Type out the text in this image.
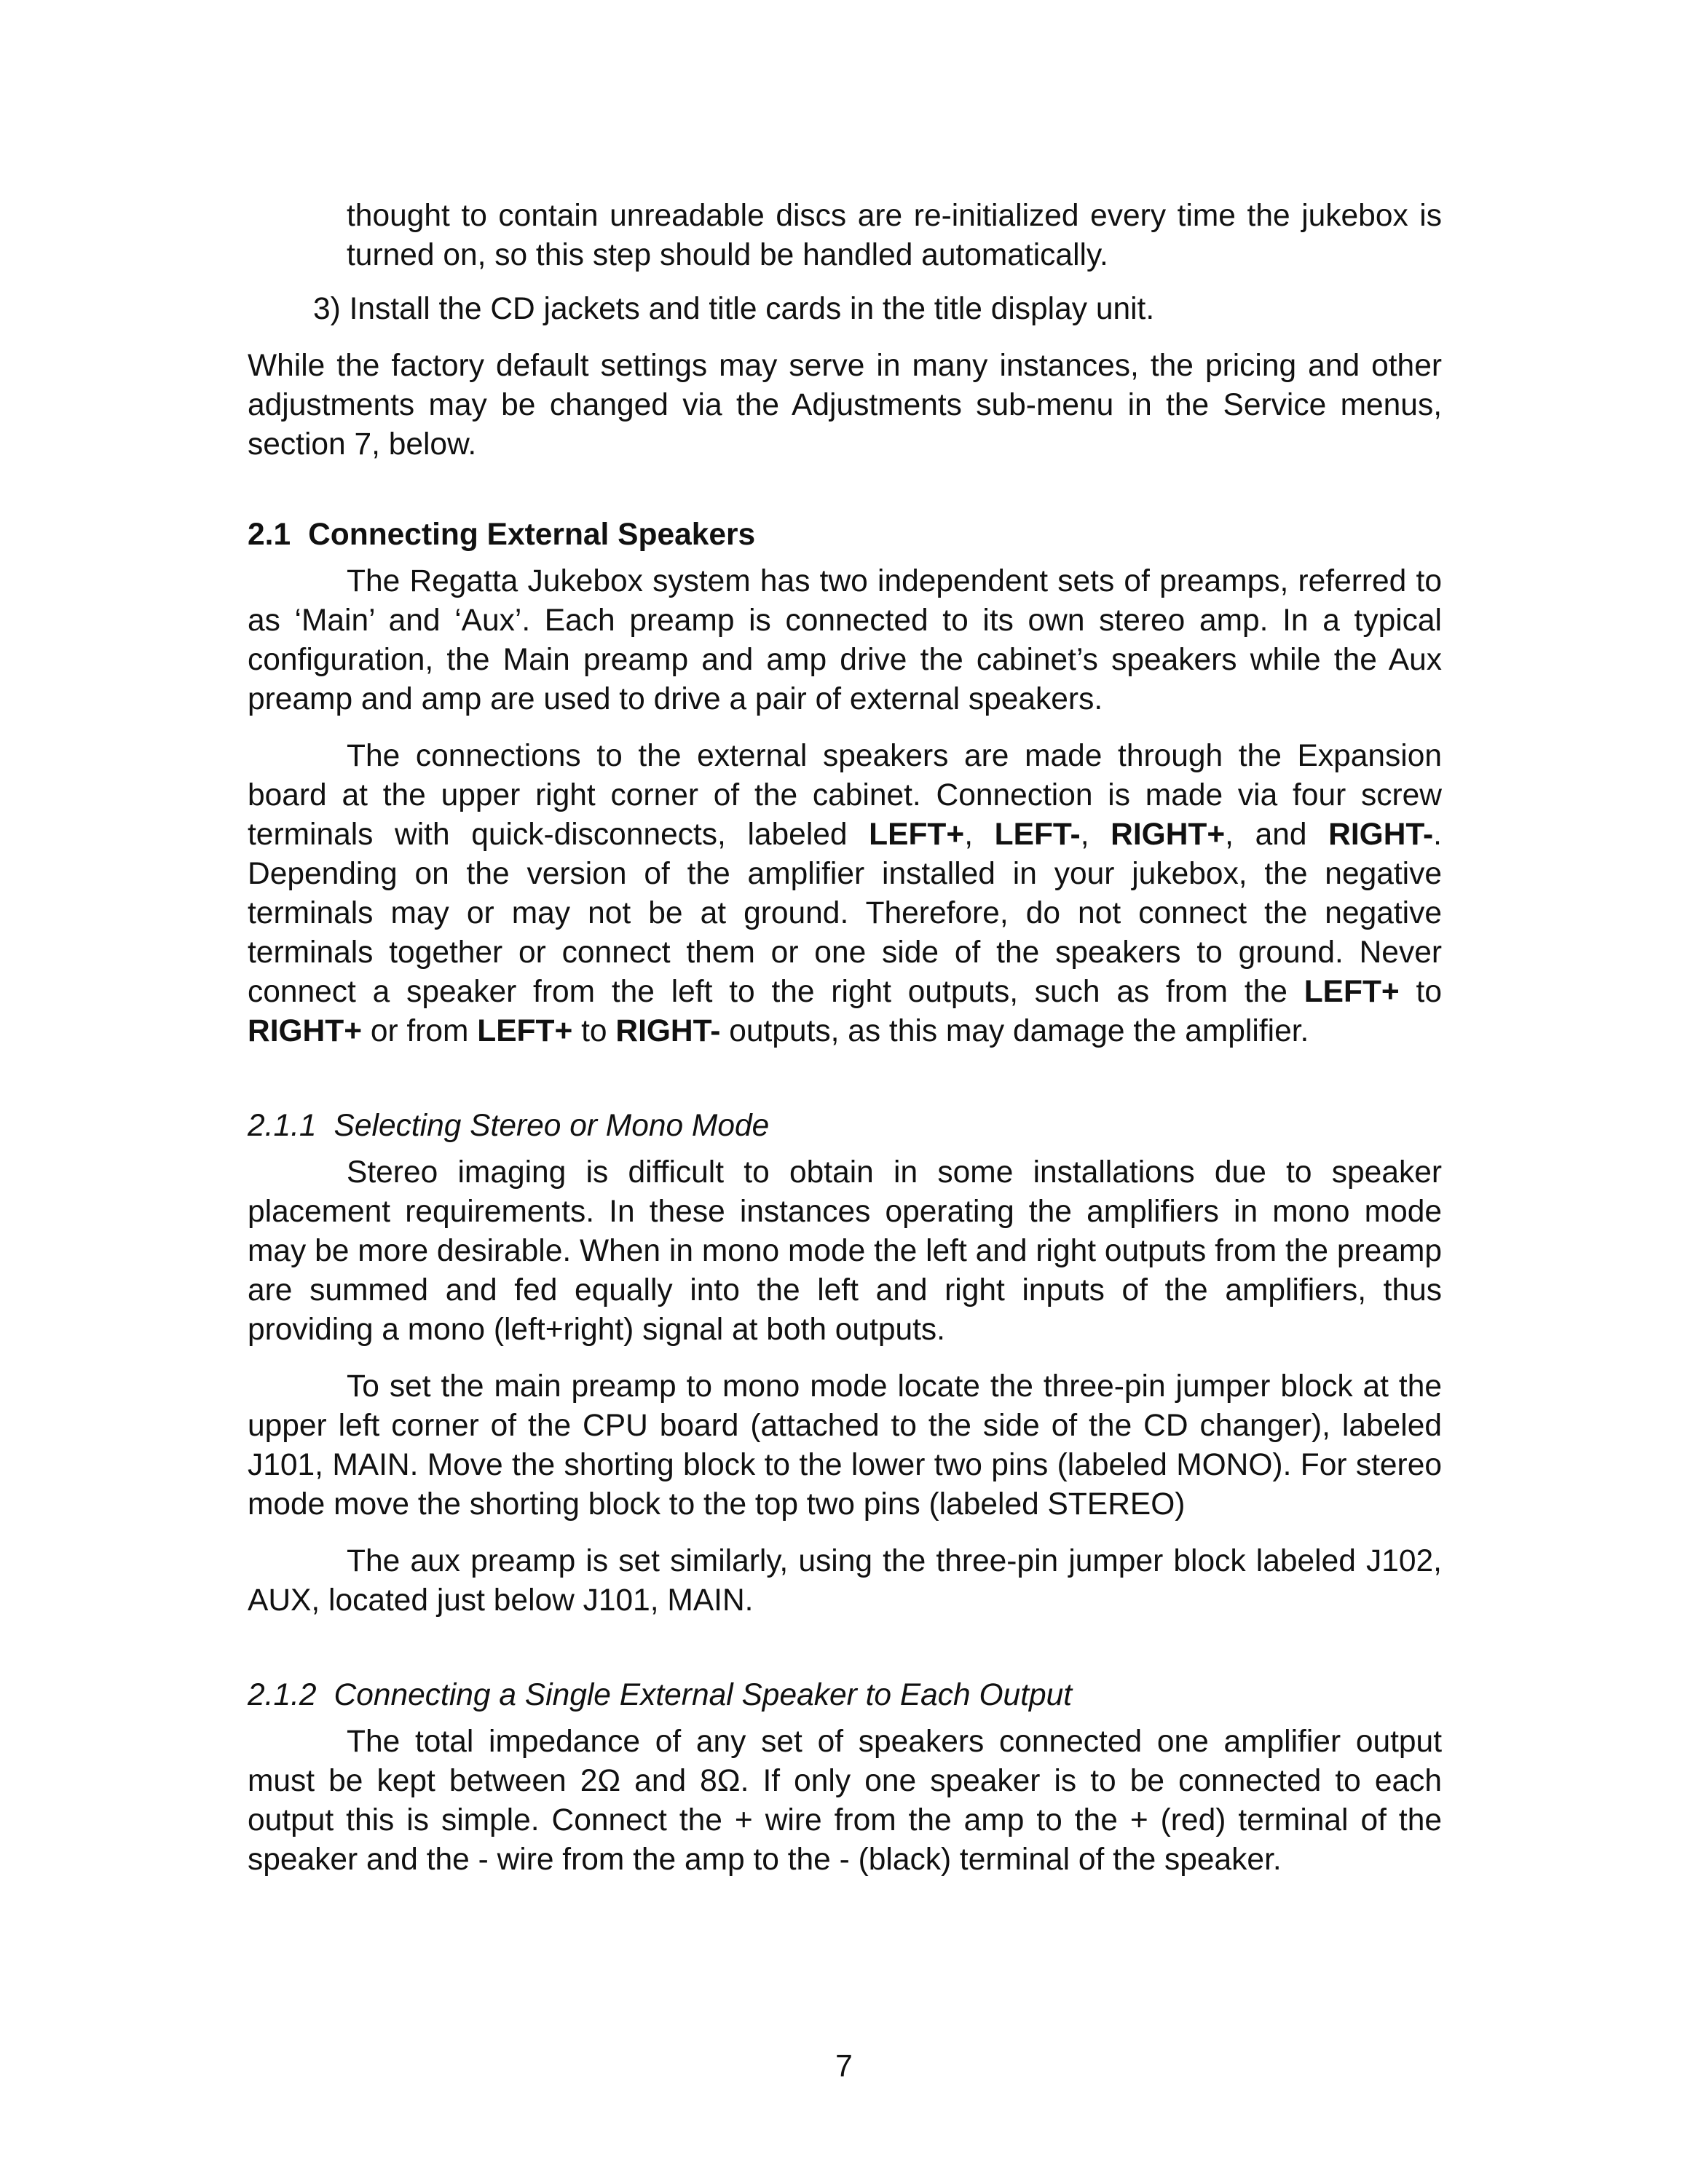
thought to contain unreadable discs are re-initialized every time the jukebox is turned on, so this step should be handled automatically.

3) Install the CD jackets and title cards in the title display unit.

While the factory default settings may serve in many instances, the pricing and other adjustments may be changed via the Adjustments sub-menu in the Service menus, section 7, below.

2.1 Connecting External Speakers

The Regatta Jukebox system has two independent sets of preamps, referred to as ‘Main’ and ‘Aux’. Each preamp is connected to its own stereo amp. In a typical configuration, the Main preamp and amp drive the cabinet’s speakers while the Aux preamp and amp are used to drive a pair of external speakers.

The connections to the external speakers are made through the Expansion board at the upper right corner of the cabinet. Connection is made via four screw terminals with quick-disconnects, labeled LEFT+, LEFT-, RIGHT+, and RIGHT-. Depending on the version of the amplifier installed in your jukebox, the negative terminals may or may not be at ground. Therefore, do not connect the negative terminals together or connect them or one side of the speakers to ground. Never connect a speaker from the left to the right outputs, such as from the LEFT+ to RIGHT+ or from LEFT+ to RIGHT- outputs, as this may damage the amplifier.

2.1.1 Selecting Stereo or Mono Mode

Stereo imaging is difficult to obtain in some installations due to speaker placement requirements. In these instances operating the amplifiers in mono mode may be more desirable. When in mono mode the left and right outputs from the preamp are summed and fed equally into the left and right inputs of the amplifiers, thus providing a mono (left+right) signal at both outputs.

To set the main preamp to mono mode locate the three-pin jumper block at the upper left corner of the CPU board (attached to the side of the CD changer), labeled J101, MAIN. Move the shorting block to the lower two pins (labeled MONO). For stereo mode move the shorting block to the top two pins (labeled STEREO)

The aux preamp is set similarly, using the three-pin jumper block labeled J102, AUX, located just below J101, MAIN.

2.1.2 Connecting a Single External Speaker to Each Output

The total impedance of any set of speakers connected one amplifier output must be kept between 2Ω and 8Ω. If only one speaker is to be connected to each output this is simple. Connect the + wire from the amp to the + (red) terminal of the speaker and the - wire from the amp to the - (black) terminal of the speaker.

7
